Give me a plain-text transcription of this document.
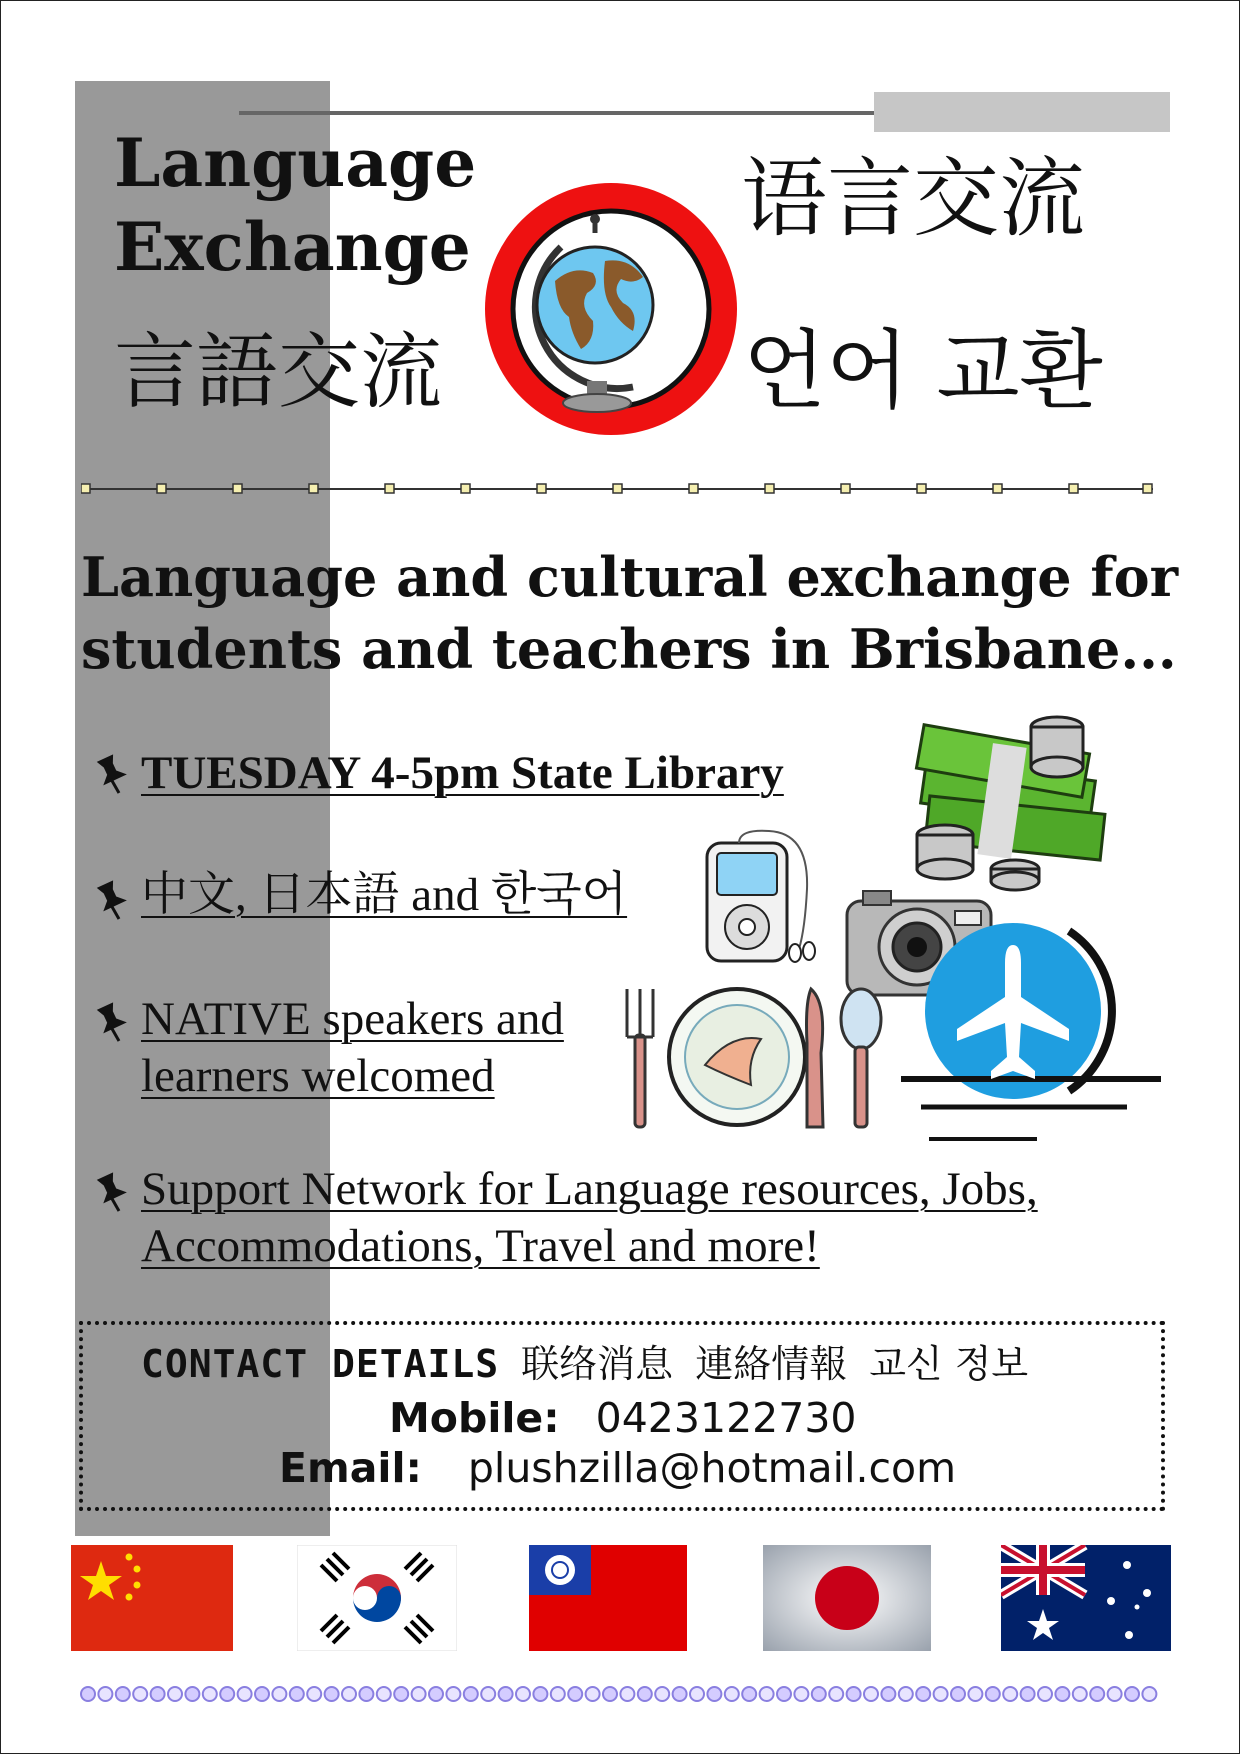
Language
Exchange
言語交流
语言交流
언어 교환
Language and cultural exchange for
students and teachers in Brisbane...
TUESDAY 4-5pm State Library
中文, 日本語 and 한국어
NATIVE speakers and
learners welcomed
Support Network for Language resources, Jobs,
Accommodations, Travel and more!
CONTACT DETAILS 联络消息 連絡情報 교신 정보
Mobile: 0423122730
Email: plushzilla@hotmail.com
